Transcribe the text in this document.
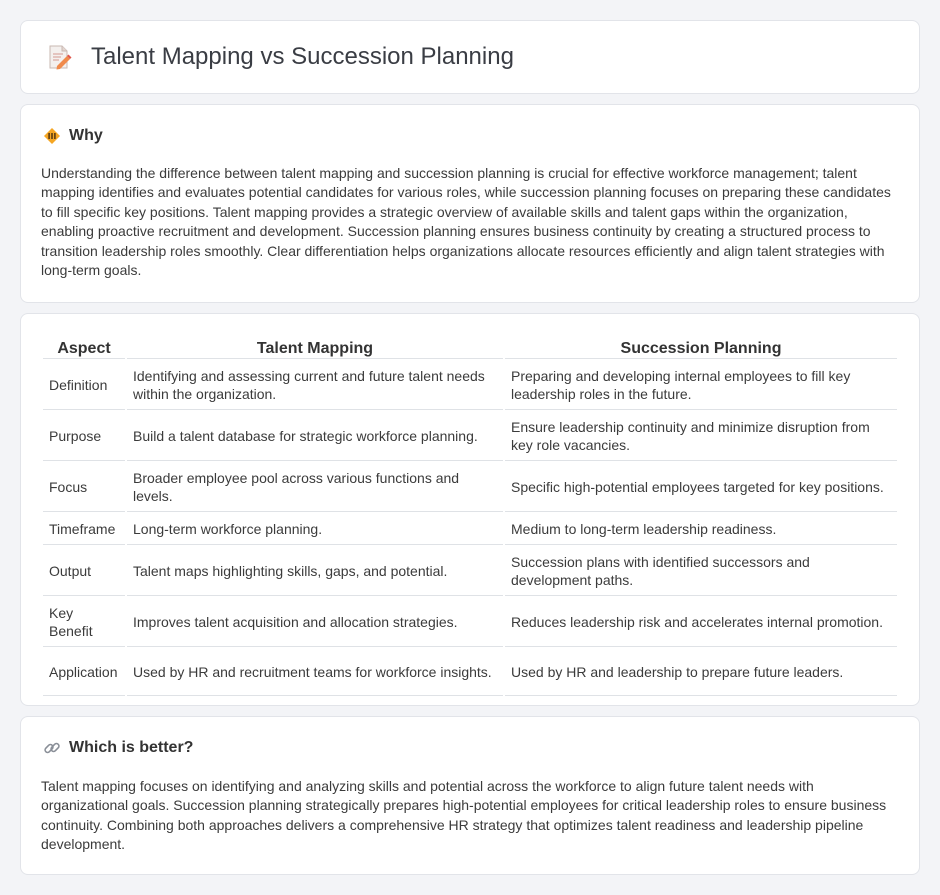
Talent Mapping vs Succession Planning
Why

Understanding the difference between talent mapping and succession planning is crucial for effective workforce management; talent mapping identifies and evaluates potential candidates for various roles, while succession planning focuses on preparing these candidates to fill specific key positions. Talent mapping provides a strategic overview of available skills and talent gaps within the organization, enabling proactive recruitment and development. Succession planning ensures business continuity by creating a structured process to transition leadership roles smoothly. Clear differentiation helps organizations allocate resources efficiently and align talent strategies with long-term goals.

Aspect	Talent Mapping	Succession Planning
Definition	Identifying and assessing current and future talent needs within the organization.	Preparing and developing internal employees to fill key leadership roles in the future.
Purpose	Build a talent database for strategic workforce planning.	Ensure leadership continuity and minimize disruption from key role vacancies.
Focus	Broader employee pool across various functions and levels.	Specific high-potential employees targeted for key positions.
Timeframe	Long-term workforce planning.	Medium to long-term leadership readiness.
Output	Talent maps highlighting skills, gaps, and potential.	Succession plans with identified successors and development paths.
Key Benefit	Improves talent acquisition and allocation strategies.	Reduces leadership risk and accelerates internal promotion.
Application	Used by HR and recruitment teams for workforce insights.	Used by HR and leadership to prepare future leaders.
Which is better?

Talent mapping focuses on identifying and analyzing skills and potential across the workforce to align future talent needs with organizational goals. Succession planning strategically prepares high-potential employees for critical leadership roles to ensure business continuity. Combining both approaches delivers a comprehensive HR strategy that optimizes talent readiness and leadership pipeline development.
